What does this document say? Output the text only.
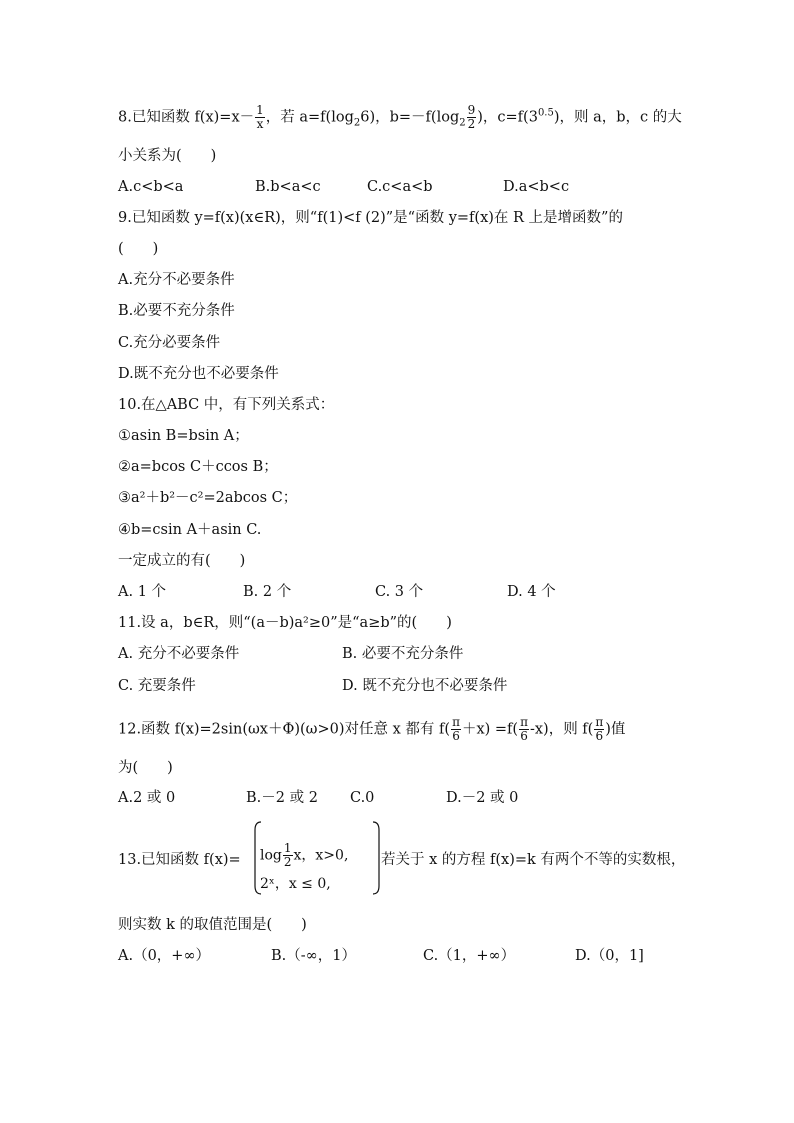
8.已知函数 $f(x)=x- \frac{1}{x}$ ，若 $a=f(\log_26)$，$b=-f(\log_2 \frac{9}{2}$ )，$c=f(3^{0.5})$，则 a，b，c 的大
小关系为(　　)
A.c<b<a	B.b<a<c	C.c<a<b	D.a<b<c
9.已知函数 y=f(x)(x∈R)，则“f(1)<f (2)”是“函数 y=f(x)在 R 上是增函数”的
(　　)
A.充分不必要条件
B.必要不充分条件
C.充分必要条件
D.既不充分也不必要条件
10.在△ABC 中，有下列关系式：
①asin B=bsin A；
②a=bcos C＋ccos B；
③a²＋b²－c²=2abcos C；
④b=csin A＋asin C.
一定成立的有(　　)
A. 1 个	B. 2 个	C. 3 个	D. 4 个
11.设 a，b∈R，则“(a－b)a²≥0”是“a≥b”的(　　)
A. 充分不必要条件	B. 必要不充分条件
C. 充要条件	D. 既不充分也不必要条件
12.函数 f(x)=2sin(ωx＋Φ)(ω>0)对任意 x 都有 $f( \frac{\pi}{6} +x) =f( \frac{\pi}{6} -x)$，则 $f( \frac{\pi}{6}$ )值
为(　　)
A.2 或 0	B.－2 或 2 C.0	D.－2 或 0
13.已知函数 $f(x)= \log \frac{1}{2}$ x，x>0,
2ˣ，x ≤ 0,
若关于 x 的方程 f(x)=k 有两个不等的实数根，
则实数 k 的取值范围是(　　)
A.（0，+∞）	B.（-∞，1）	C.（1，+∞）	D.（0，1]
